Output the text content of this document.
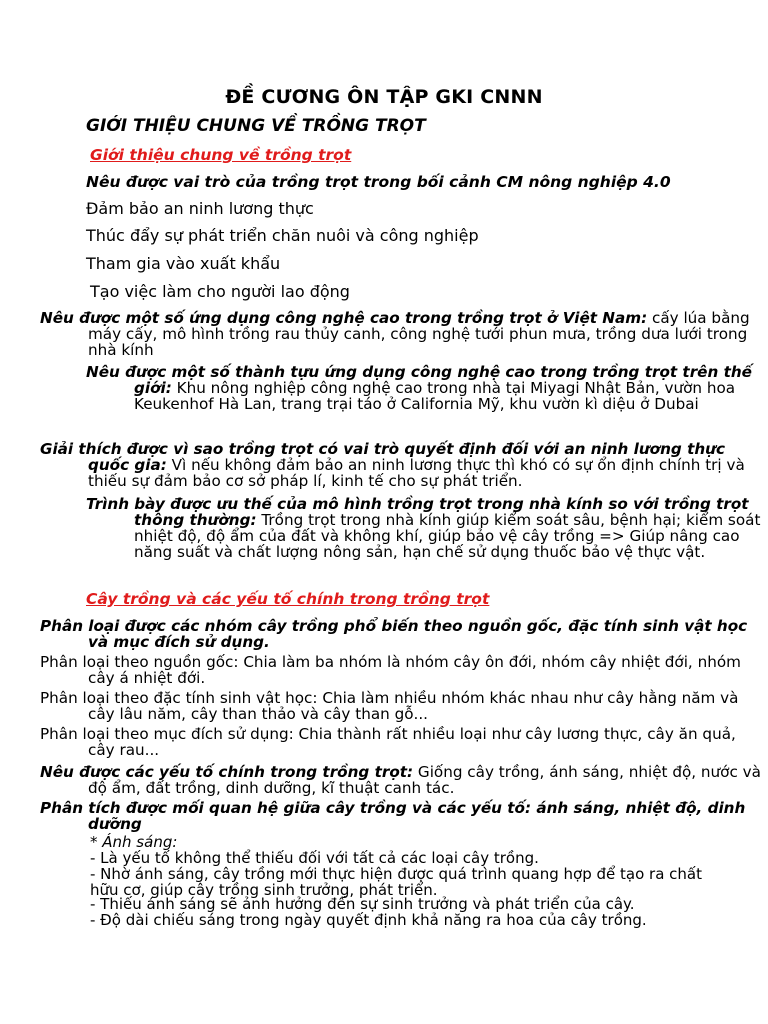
ĐỀ CƯƠNG ÔN TẬP GKI CNNN
GIỚI THIỆU CHUNG VỀ TRỒNG TRỌT
Giới thiệu chung về trồng trọt
Nêu được vai trò của trồng trọt trong bối cảnh CM nông nghiệp 4.0
Đảm bảo an ninh lương thực
Thúc đẩy sự phát triển chăn nuôi và công nghiệp
Tham gia vào xuất khẩu
Tạo việc làm cho người lao động
Nêu được một số ứng dụng công nghệ cao trong trồng trọt ở Việt Nam: cấy lúa bằng máy cấy, mô hình trồng rau thủy canh, công nghệ tưới phun mưa, trồng dưa lưới trong nhà kính
Nêu được một số thành tựu ứng dụng công nghệ cao trong trồng trọt trên thế giới: Khu nông nghiệp công nghệ cao trong nhà tại Miyagi Nhật Bản, vườn hoa Keukenhof Hà Lan, trang trại táo ở California Mỹ, khu vườn kì diệu ở Dubai
Giải thích được vì sao trồng trọt có vai trò quyết định đối với an ninh lương thực quốc gia: Vì nếu không đảm bảo an ninh lương thực thì khó có sự ổn định chính trị và thiếu sự đảm bảo cơ sở pháp lí, kinh tế cho sự phát triển.
Trình bày được ưu thế của mô hình trồng trọt trong nhà kính so với trồng trọt thông thường: Trồng trọt trong nhà kính giúp kiểm soát sâu, bệnh hại; kiểm soát nhiệt độ, độ ẩm của đất và không khí, giúp bảo vệ cây trồng => Giúp nâng cao năng suất và chất lượng nông sản, hạn chế sử dụng thuốc bảo vệ thực vật.
Cây trồng và các yếu tố chính trong trồng trọt
Phân loại được các nhóm cây trồng phổ biến theo nguồn gốc, đặc tính sinh vật học và mục đích sử dụng.
Phân loại theo nguồn gốc: Chia làm ba nhóm là nhóm cây ôn đới, nhóm cây nhiệt đới, nhóm cây á nhiệt đới.
Phân loại theo đặc tính sinh vật học: Chia làm nhiều nhóm khác nhau như cây hằng năm và cây lâu năm, cây than thảo và cây than gỗ...
Phân loại theo mục đích sử dụng: Chia thành rất nhiều loại như cây lương thực, cây ăn quả, cây rau...
Nêu được các yếu tố chính trong trồng trọt: Giống cây trồng, ánh sáng, nhiệt độ, nước và độ ẩm, đất trồng, dinh dưỡng, kĩ thuật canh tác.
Phân tích được mối quan hệ giữa cây trồng và các yếu tố: ánh sáng, nhiệt độ, dinh dưỡng
* Ánh sáng:
- Là yếu tố không thể thiếu đối với tất cả các loại cây trồng.
- Nhờ ánh sáng, cây trồng mới thực hiện được quá trình quang hợp để tạo ra chất hữu cơ, giúp cây trồng sinh trưởng, phát triển.
- Thiếu ánh sáng sẽ ảnh hưởng đến sự sinh trưởng và phát triển của cây.
- Độ dài chiếu sáng trong ngày quyết định khả năng ra hoa của cây trồng.
